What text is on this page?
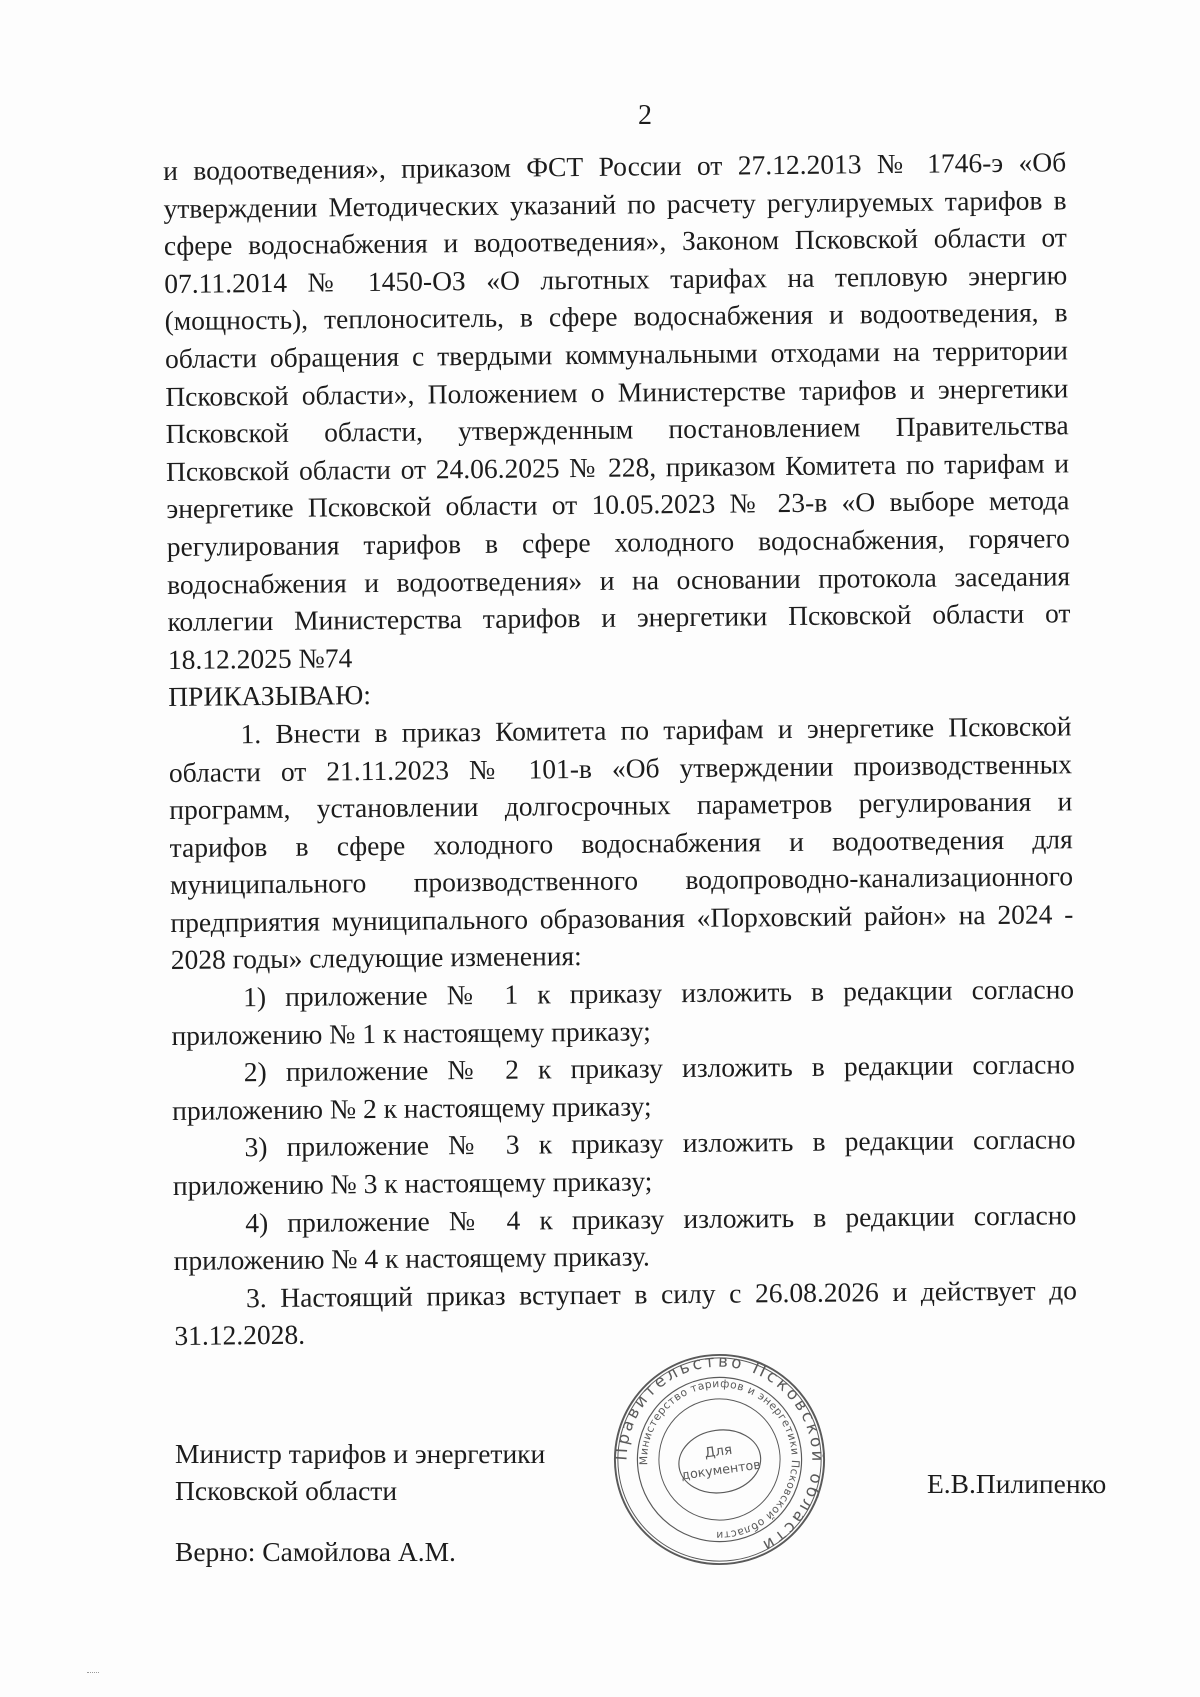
2

и водоотведения», приказом ФСТ России от 27.12.2013 № 1746-э «Об утверждении Методических указаний по расчету регулируемых тарифов в сфере водоснабжения и водоотведения», Законом Псковской области от 07.11.2014 № 1450-ОЗ «О льготных тарифах на тепловую энергию (мощность), теплоноситель, в сфере водоснабжения и водоотведения, в области обращения с твердыми коммунальными отходами на территории Псковской области», Положением о Министерстве тарифов и энергетики Псковской области, утвержденным постановлением Правительства Псковской области от 24.06.2025 № 228, приказом Комитета по тарифам и энергетике Псковской области от 10.05.2023 № 23-в «О выборе метода регулирования тарифов в сфере холодного водоснабжения, горячего водоснабжения и водоотведения» и на основании протокола заседания коллегии Министерства тарифов и энергетики Псковской области от 18.12.2025 №74

ПРИКАЗЫВАЮ:

1. Внести в приказ Комитета по тарифам и энергетике Псковской области от 21.11.2023 № 101-в «Об утверждении производственных программ, установлении долгосрочных параметров регулирования и тарифов в сфере холодного водоснабжения и водоотведения для муниципального производственного водопроводно-канализационного предприятия муниципального образования «Порховский район» на 2024 - 2028 годы» следующие изменения:

1) приложение № 1 к приказу изложить в редакции согласно приложению № 1 к настоящему приказу;

2) приложение № 2 к приказу изложить в редакции согласно приложению № 2 к настоящему приказу;

3) приложение № 3 к приказу изложить в редакции согласно приложению № 3 к настоящему приказу;

4) приложение № 4 к приказу изложить в редакции согласно приложению № 4 к настоящему приказу.

3. Настоящий приказ вступает в силу с 26.08.2026 и действует до 31.12.2028.

Министр тарифов и энергетики
Псковской области
Верно: Самойлова А.М.
Е.В.Пилипенко
Правительство Псковской области
Министерство тарифов и энергетики Псковской области
Для
документов
